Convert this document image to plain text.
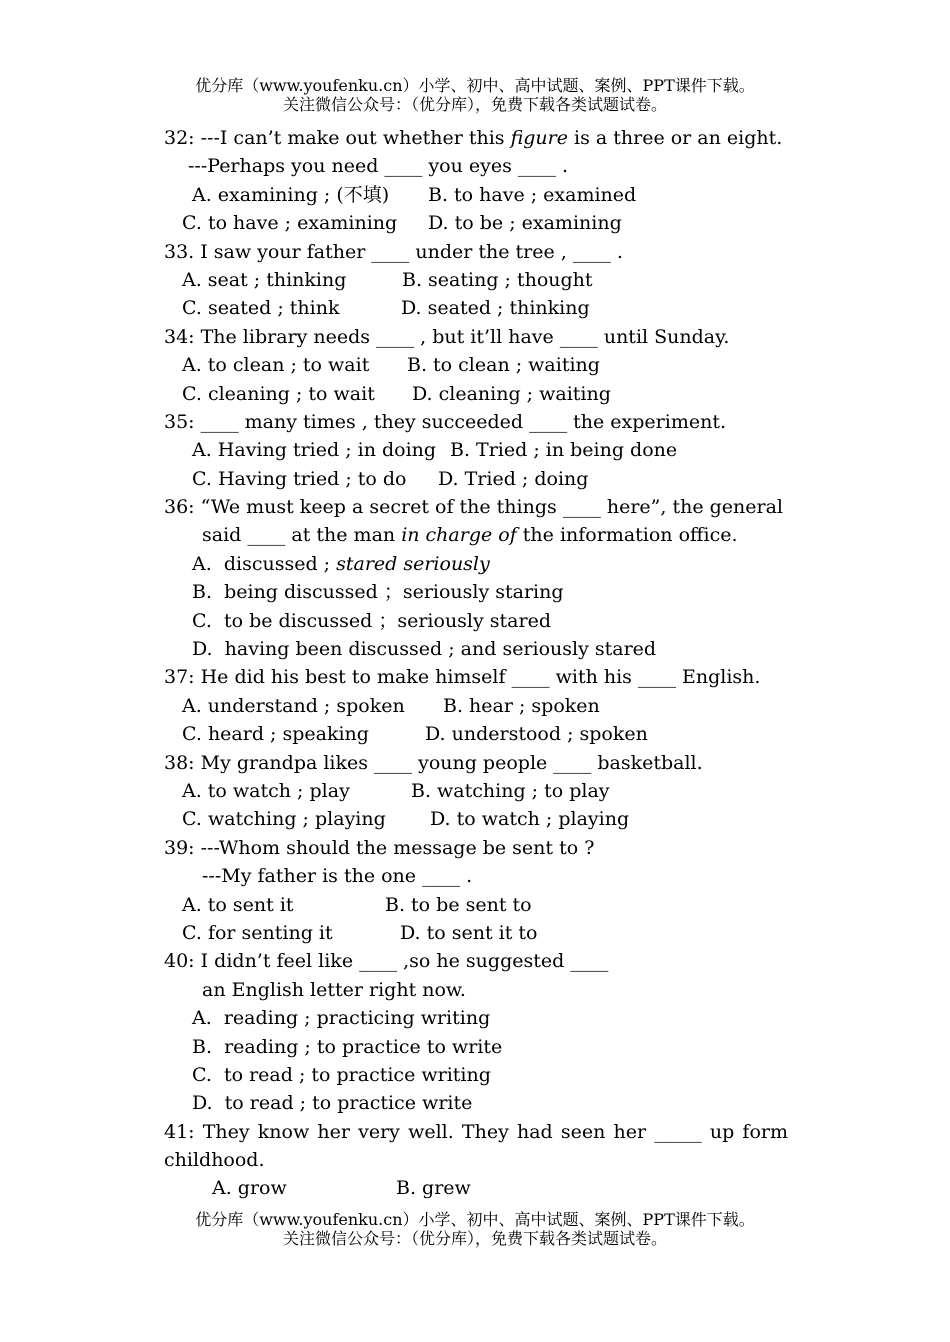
优分库（www.youfenku.cn）小学、初中、高中试题、案例、PPT课件下载。
关注微信公众号：（优分库），免费下载各类试题试卷。
32: ---I can’t make out whether this figure is a three or an eight.
---Perhaps you need ____ you eyes ____ .
A. examining ; (不填) B. to have ; examined
C. to have ; examining D. to be ; examining
33. I saw your father ____ under the tree , ____ .
A. seat ; thinking	B. seating ; thought
C. seated ; think	D. seated ; thinking
34: The library needs ____ , but it’ll have ____ until Sunday.
A. to clean ; to wait B. to clean ; waiting
C. cleaning ; to wait D. cleaning ; waiting
35: ____ many times , they succeeded ____ the experiment.
A. Having tried ; in doing B. Tried ; in being done
C. Having tried ; to do D. Tried ; doing
36: “We must keep a secret of the things ____ here”, the general
said ____ at the man in charge of the information office.
A.  discussed ; stared seriously
B.  being discussed ；seriously staring
C.  to be discussed ；seriously stared
D.  having been discussed ; and seriously stared
37: He did his best to make himself ____ with his ____ English.
A. understand ; spoken B. hear ; spoken
C. heard ; speaking	D. understood ; spoken
38: My grandpa likes ____ young people ____ basketball.
A. to watch ; play	B. watching ; to play
C. watching ; playing D. to watch ; playing
39: ---Whom should the message be sent to ?
---My father is the one ____ .
A. to sent it	B. to be sent to
C. for senting it	D. to sent it to
40: I didn’t feel like ____ ,so he suggested ____
an English letter right now.
A.  reading ; practicing writing
B.  reading ; to practice to write
C.  to read ; to practice writing
D.  to read ; to practice write
41: They know her very well. They had seen her _____ up form
childhood.
A. grow	B. grew
优分库（www.youfenku.cn）小学、初中、高中试题、案例、PPT课件下载。
关注微信公众号：（优分库），免费下载各类试题试卷。
